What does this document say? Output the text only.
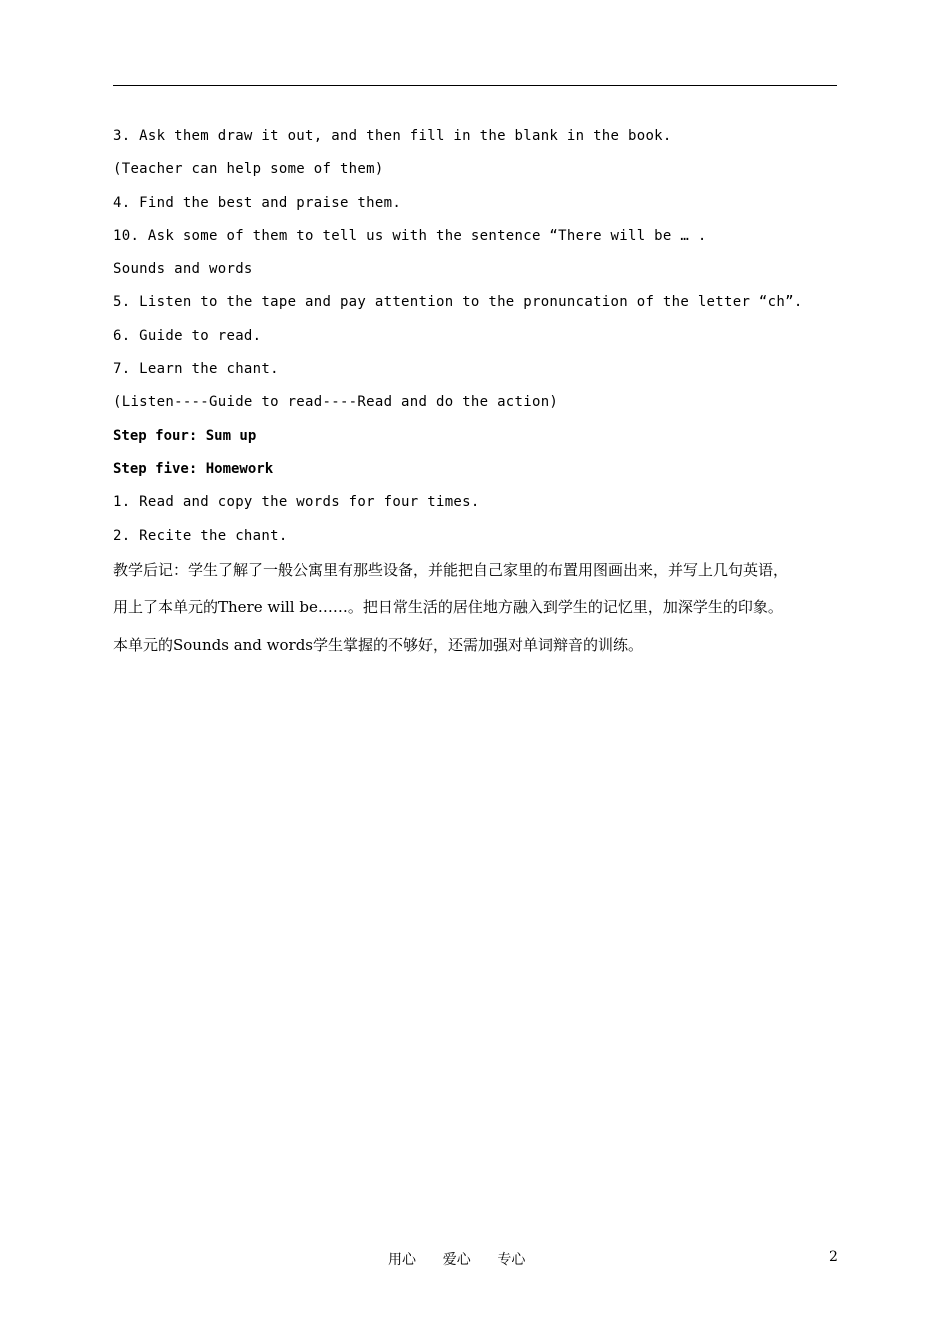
3. Ask them draw it out, and then fill in the blank in the book.
(Teacher can help some of them)
4. Find the best and praise them.
10. Ask some of them to tell us with the sentence “There will be … .
Sounds and words
5. Listen to the tape and pay attention to the pronuncation of the letter “ch”.
6. Guide to read.
7. Learn the chant.
(Listen----Guide to read----Read and do the action)
Step four: Sum up
Step five: Homework
1. Read and copy the words for four times.
2. Recite the chant.

教学后记：学生了解了一般公寓里有那些设备，并能把自己家里的布置用图画出来，并写上几句英语，

用上了本单元的There will be……。把日常生活的居住地方融入到学生的记忆里，加深学生的印象。

本单元的Sounds and words学生掌握的不够好，还需加强对单词辩音的训练。

用心 爱心 专心	2
